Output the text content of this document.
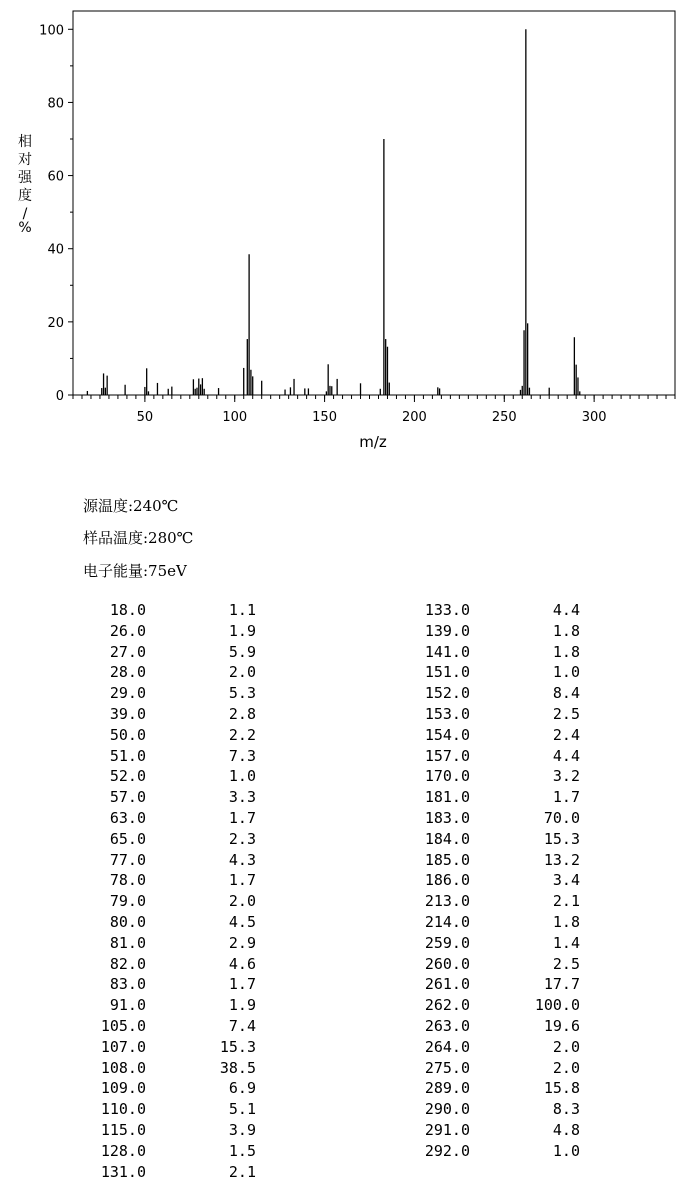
0
20
40
60
80
100
50	100	150	200	250	300
m/z
相
对
强
度
/
%
源温度:240℃
样品温度:280℃
电子能量:75eV
18.0	1.1
26.0	1.9
27.0	5.9
28.0	2.0
29.0	5.3
39.0	2.8
50.0	2.2
51.0	7.3
52.0	1.0
57.0	3.3
63.0	1.7
65.0	2.3
77.0	4.3
78.0	1.7
79.0	2.0
80.0	4.5
81.0	2.9
82.0	4.6
83.0	1.7
91.0	1.9
105.0	7.4
107.0	15.3
108.0	38.5
109.0	6.9
110.0	5.1
115.0	3.9
128.0	1.5
131.0	2.1
133.0	4.4
139.0	1.8
141.0	1.8
151.0	1.0
152.0	8.4
153.0	2.5
154.0	2.4
157.0	4.4
170.0	3.2
181.0	1.7
183.0	70.0
184.0	15.3
185.0	13.2
186.0	3.4
213.0	2.1
214.0	1.8
259.0	1.4
260.0	2.5
261.0	17.7
262.0	100.0
263.0	19.6
264.0	2.0
275.0	2.0
289.0	15.8
290.0	8.3
291.0	4.8
292.0	1.0
